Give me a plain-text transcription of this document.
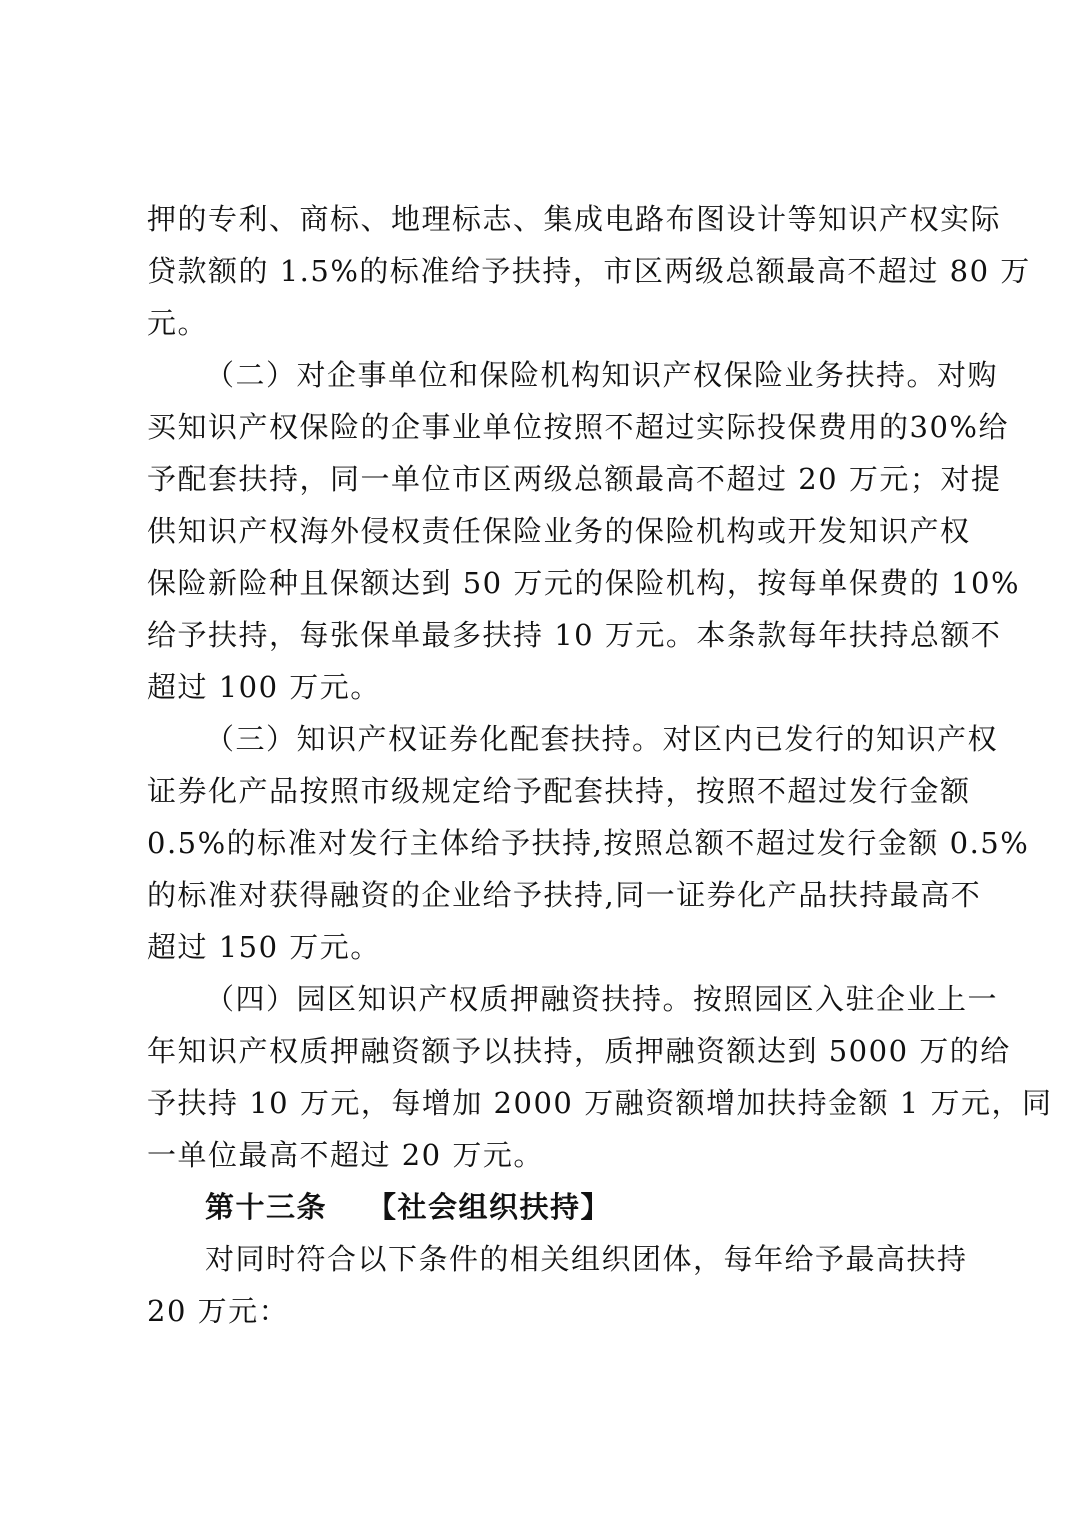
押的专利、商标、地理标志、集成电路布图设计等知识产权实际
贷款额的 1.5%的标准给予扶持，市区两级总额最高不超过 80 万
元。
（二）对企事单位和保险机构知识产权保险业务扶持。对购
买知识产权保险的企事业单位按照不超过实际投保费用的30%给
予配套扶持，同一单位市区两级总额最高不超过 20 万元；对提
供知识产权海外侵权责任保险业务的保险机构或开发知识产权
保险新险种且保额达到 50 万元的保险机构，按每单保费的 10%
给予扶持，每张保单最多扶持 10 万元。本条款每年扶持总额不
超过 100 万元。
（三）知识产权证券化配套扶持。对区内已发行的知识产权
证券化产品按照市级规定给予配套扶持，按照不超过发行金额
0.5%的标准对发行主体给予扶持,按照总额不超过发行金额 0.5%
的标准对获得融资的企业给予扶持,同一证券化产品扶持最高不
超过 150 万元。
（四）园区知识产权质押融资扶持。按照园区入驻企业上一
年知识产权质押融资额予以扶持，质押融资额达到 5000 万的给
予扶持 10 万元，每增加 2000 万融资额增加扶持金额 1 万元，同
一单位最高不超过 20 万元。
第十三条 【社会组织扶持】
对同时符合以下条件的相关组织团体，每年给予最高扶持
20 万元：
